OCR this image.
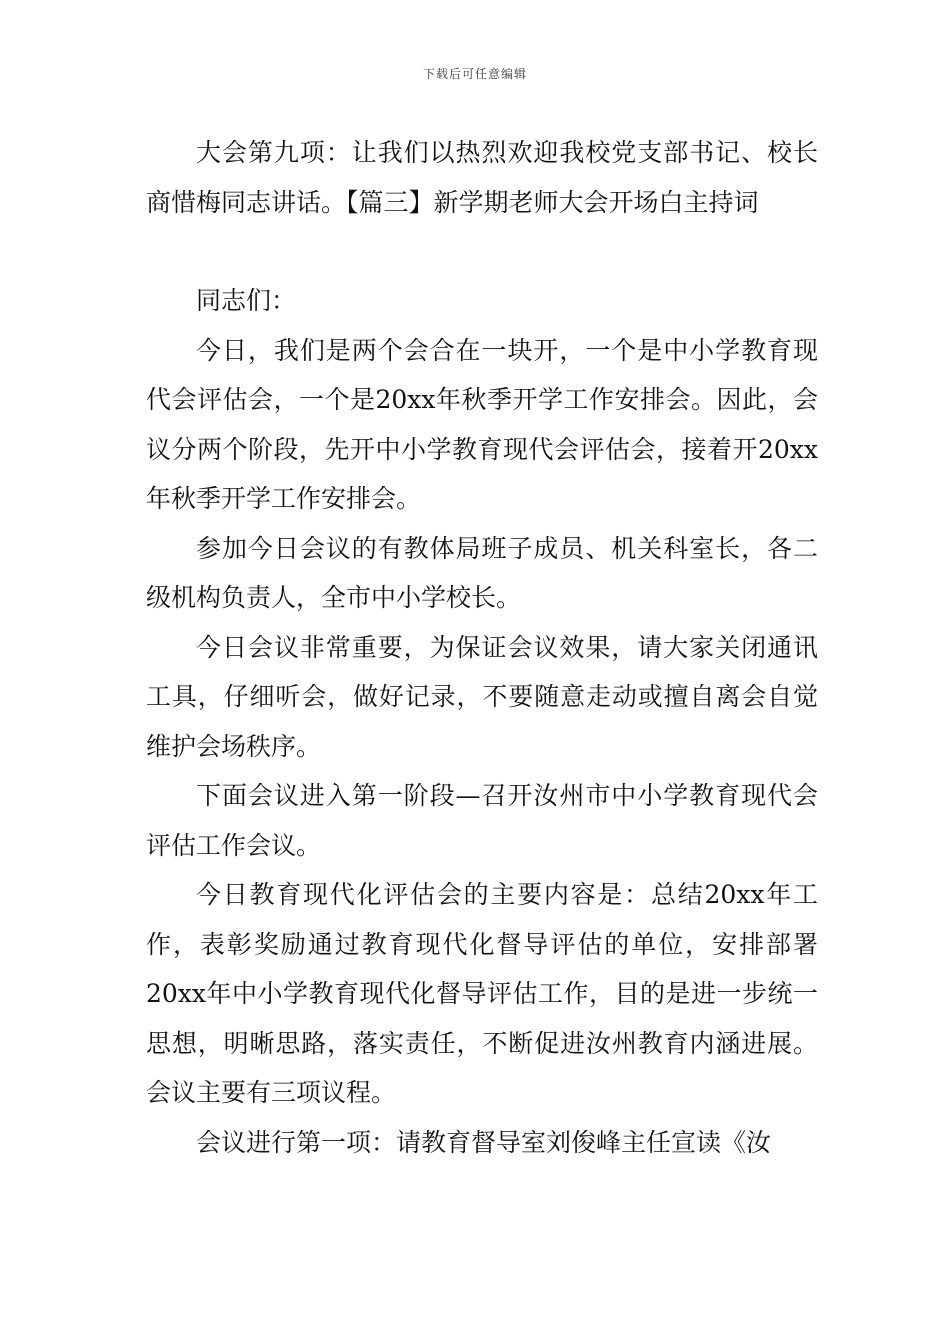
下载后可任意编辑

大会第九项：让我们以热烈欢迎我校党支部书记、校长商惜梅同志讲话。【篇三】新学期老师大会开场白主持词

同志们：

今日，我们是两个会合在一块开，一个是中小学教育现代会评估会，一个是20xx年秋季开学工作安排会。因此，会议分两个阶段，先开中小学教育现代会评估会，接着开20xx年秋季开学工作安排会。

参加今日会议的有教体局班子成员、机关科室长，各二级机构负责人，全市中小学校长。

今日会议非常重要，为保证会议效果，请大家关闭通讯工具，仔细听会，做好记录，不要随意走动或擅自离会自觉维护会场秩序。

下面会议进入第一阶段—召开汝州市中小学教育现代会评估工作会议。

今日教育现代化评估会的主要内容是：总结20xx年工作，表彰奖励通过教育现代化督导评估的单位，安排部署20xx年中小学教育现代化督导评估工作，目的是进一步统一思想，明晰思路，落实责任，不断促进汝州教育内涵进展。会议主要有三项议程。

会议进行第一项：请教育督导室刘俊峰主任宣读《汝
